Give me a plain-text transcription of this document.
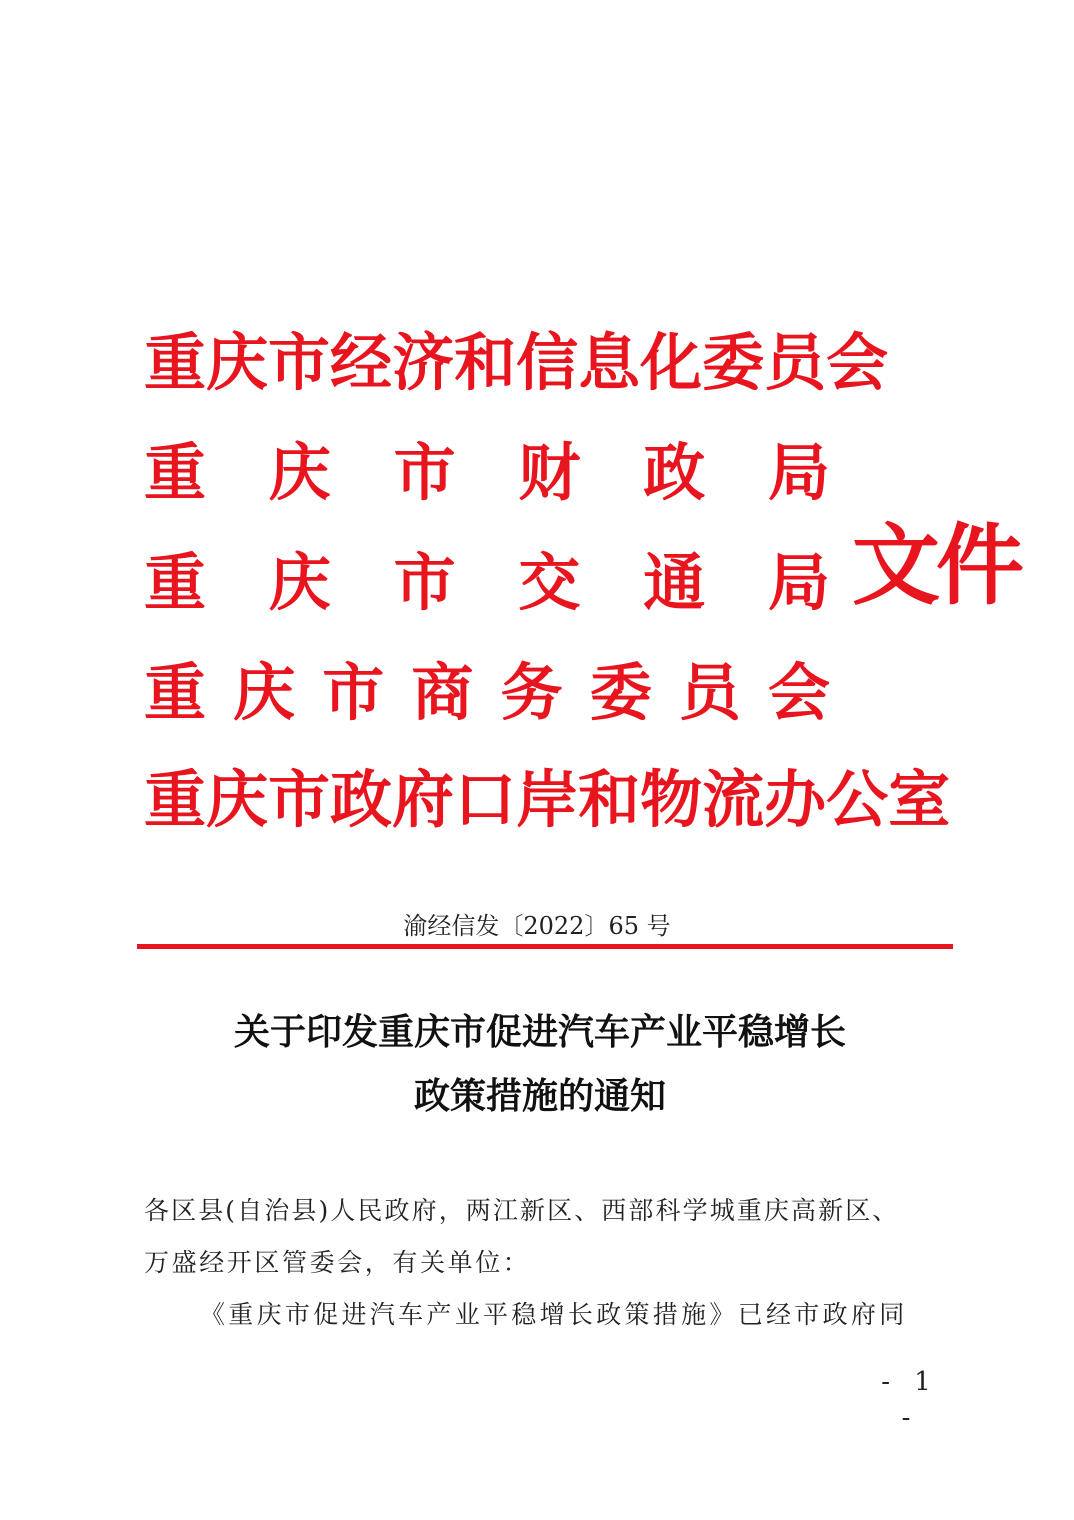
重 庆 市 经 济 和 信 息 化 委 员 会
重 庆 市 财 政 局
重 庆 市 交 通 局
重 庆 市 商 务 委 员 会
重 庆 市 政 府 口 岸 和 物 流 办 公 室
文件
渝经信发〔2022〕65 号
关于印发重庆市促进汽车产业平稳增长
政策措施的通知
各区县(自治县)人民政府，两江新区、西部科学城重庆高新区、
万盛经开区管委会，有关单位：
《重庆市促进汽车产业平稳增长政策措施》已经市政府同
- 1 -
